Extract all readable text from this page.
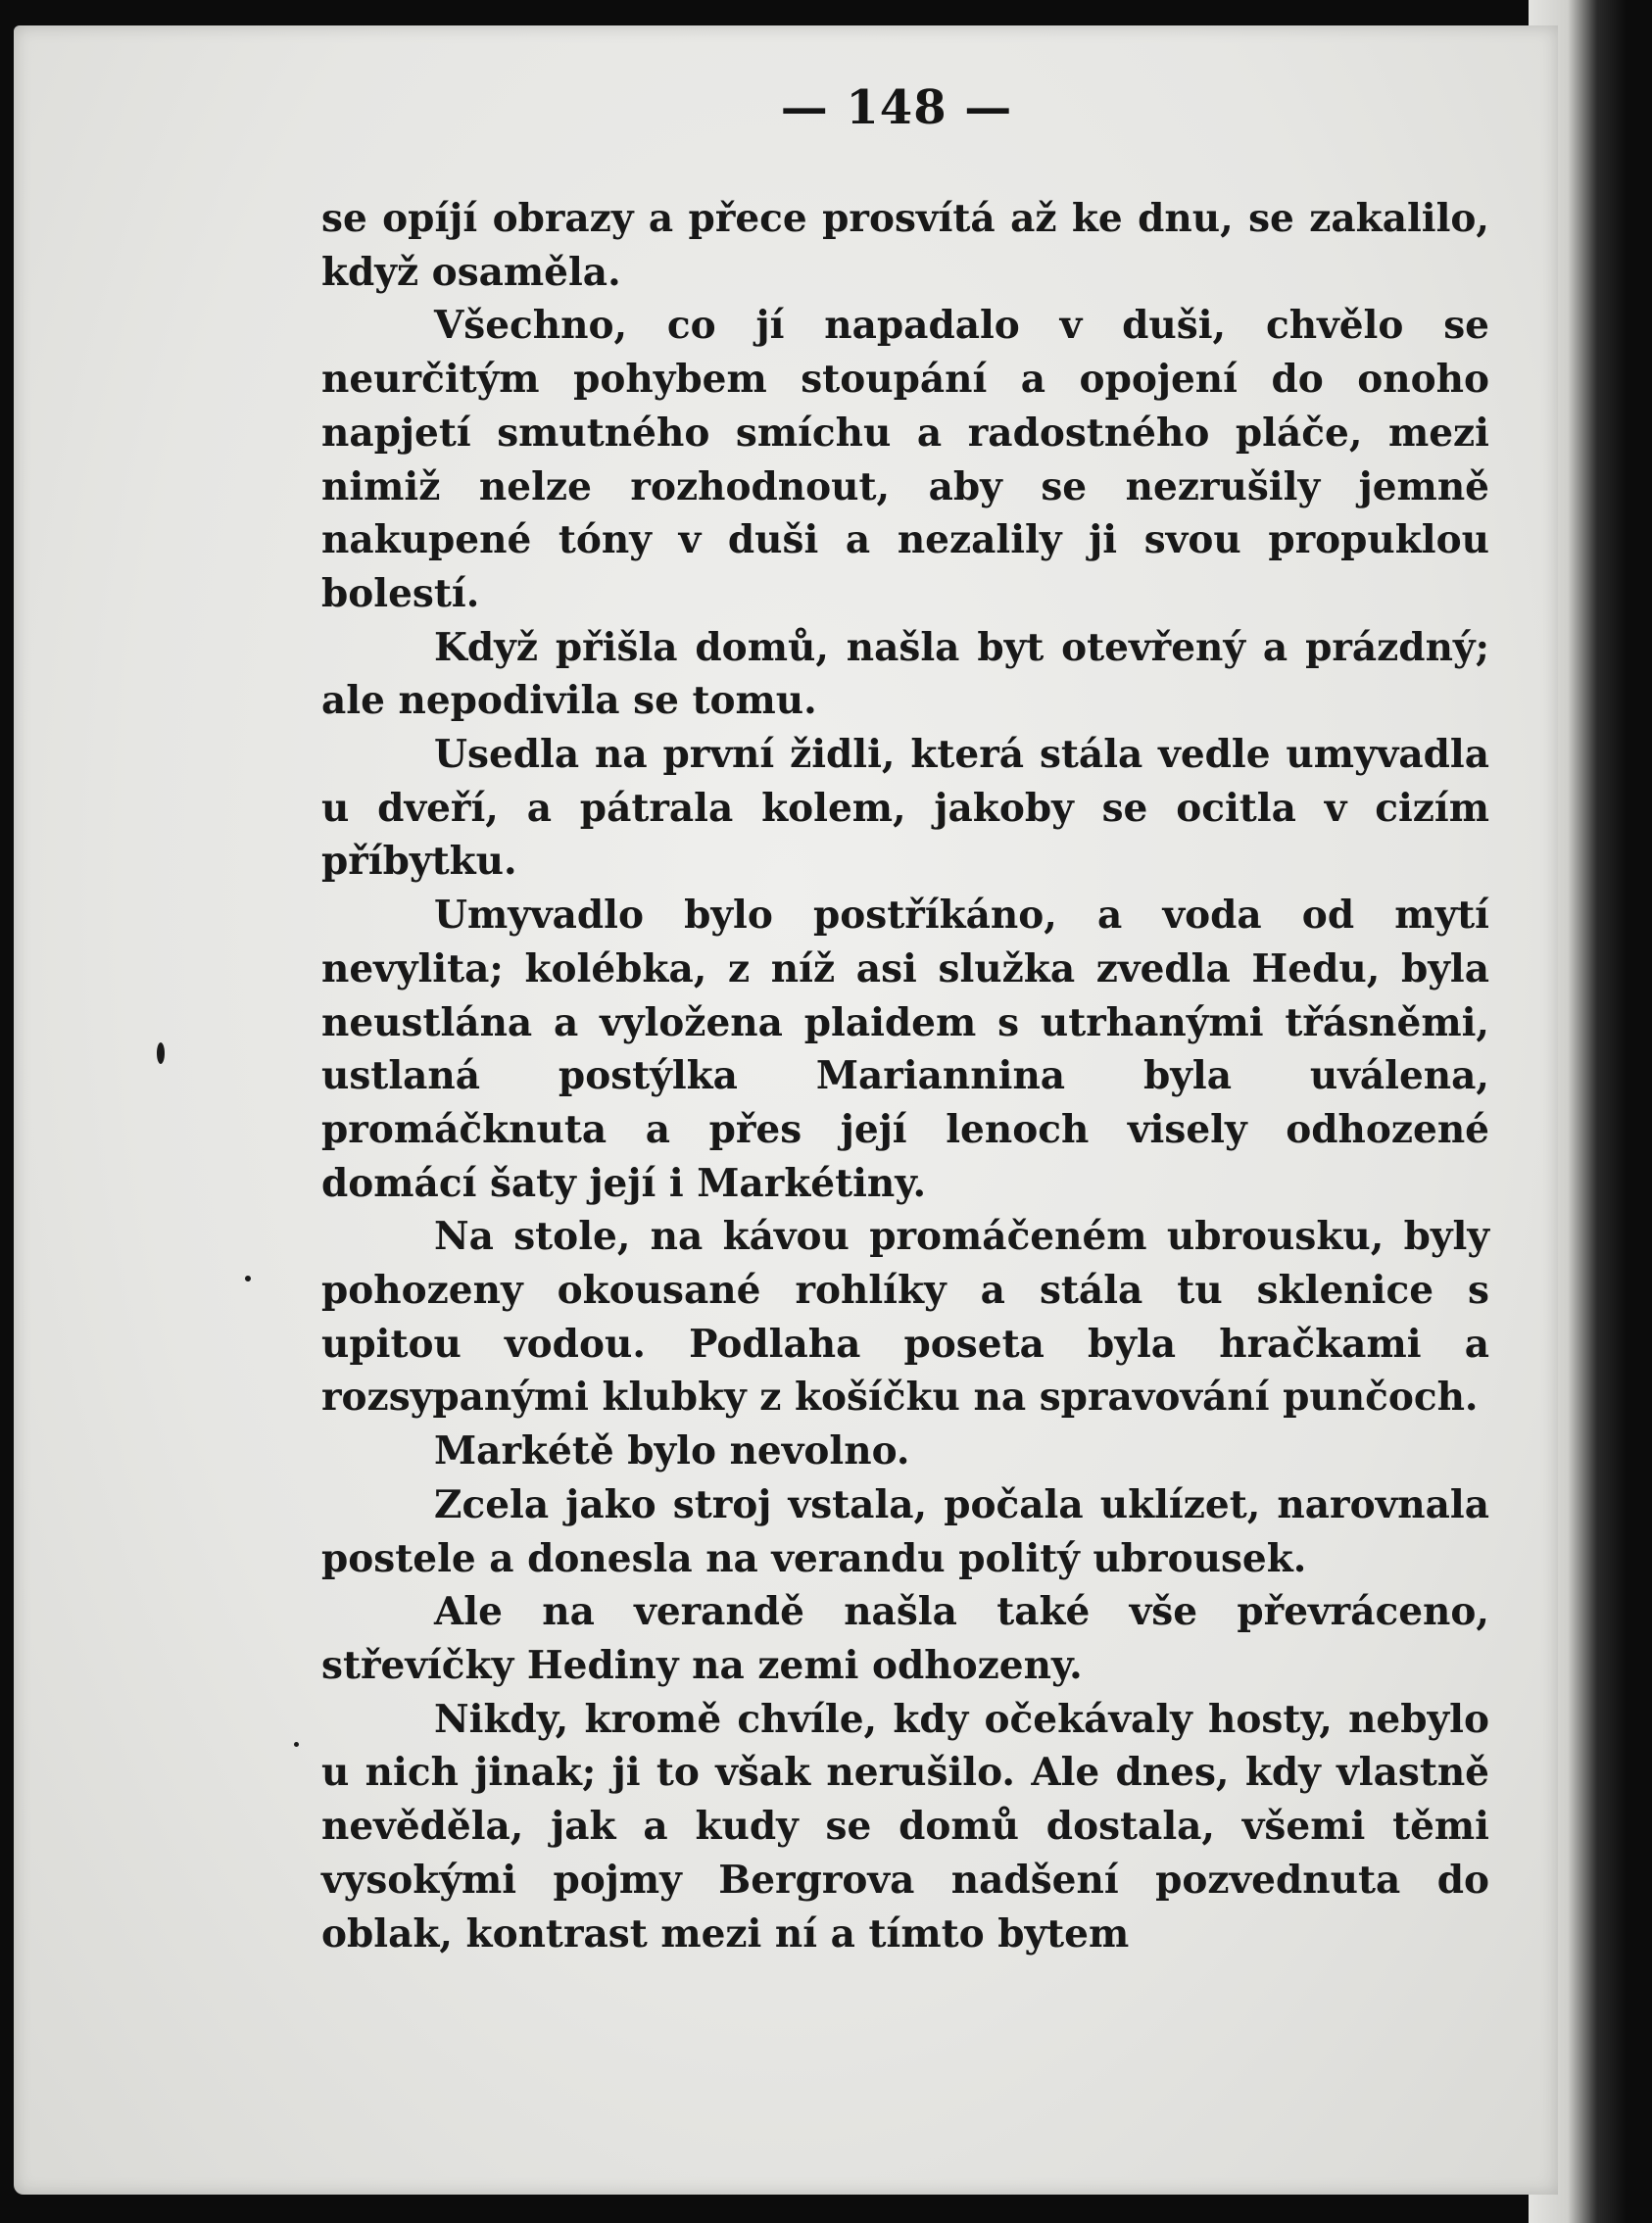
— 148 —

se opíjí obrazy a přece prosvítá až ke dnu, se zakalilo, když osaměla.

Všechno, co jí napadalo v duši, chvělo se neurčitým pohybem stoupání a opojení do onoho napjetí smutného smíchu a radostného pláče, mezi nimiž nelze rozhodnout, aby se nezrušily jemně nakupené tóny v duši a nezalily ji svou propuklou bolestí.

Když přišla domů, našla byt otevřený a prázdný; ale nepodivila se tomu.

Usedla na první židli, která stála vedle umyvadla u dveří, a pátrala kolem, jakoby se ocitla v cizím příbytku.

Umyvadlo bylo postříkáno, a voda od mytí nevylita; kolébka, z níž asi služka zvedla Hedu, byla neustlána a vyložena plaidem s utrhanými třásněmi, ustlaná postýlka Mariannina byla uválena, promáčknuta a přes její lenoch visely odhozené domácí šaty její i Markétiny.

Na stole, na kávou promáčeném ubrousku, byly pohozeny okousané rohlíky a stála tu sklenice s upitou vodou. Podlaha poseta byla hračkami a rozsypanými klubky z košíčku na spravování punčoch.

Markétě bylo nevolno.

Zcela jako stroj vstala, počala uklízet, narovnala postele a donesla na verandu politý ubrousek.

Ale na verandě našla také vše převráceno, střevíčky Hediny na zemi odhozeny.

Nikdy, kromě chvíle, kdy očekávaly hosty, nebylo u nich jinak; ji to však nerušilo. Ale dnes, kdy vlastně nevěděla, jak a kudy se domů dostala, všemi těmi vysokými pojmy Bergrova nadšení pozvednuta do oblak, kontrast mezi ní a tímto bytem
